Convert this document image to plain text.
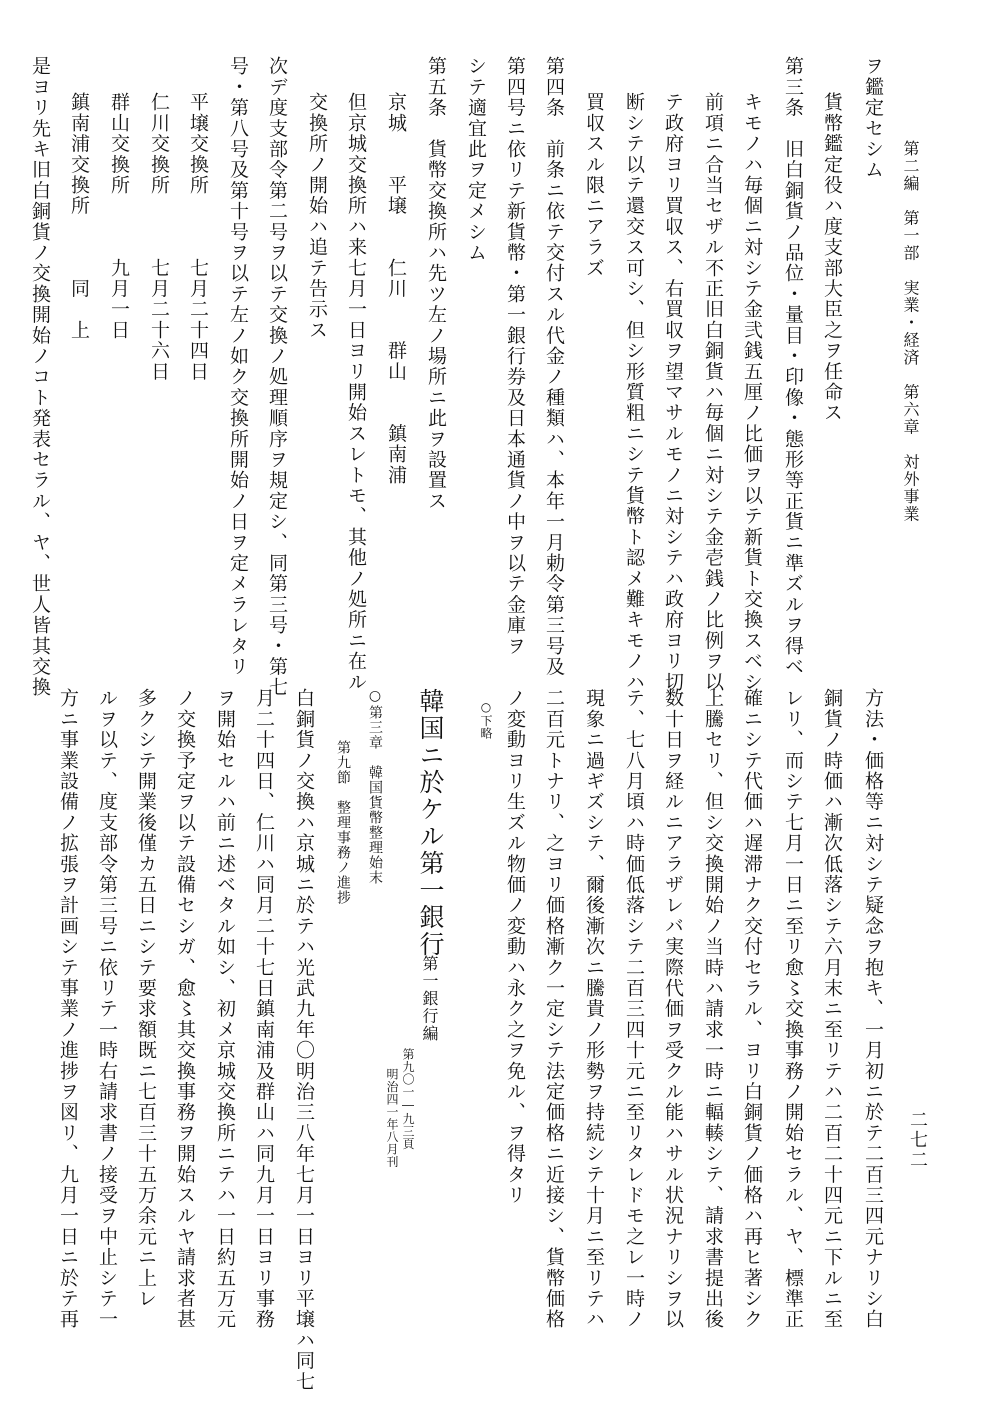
第二編　第一部　実業・経済　第六章　対外事業
二七二
ヲ鑑定セシム
貨幣鑑定役ハ度支部大臣之ヲ任命ス
第三条　旧白銅貨ノ品位・量目・印像・態形等正貨ニ準ズルヲ得ベ
キモノハ毎個ニ対シテ金弐銭五厘ノ比価ヲ以テ新貨ト交換スベシ
前項ニ合当セザル不正旧白銅貨ハ毎個ニ対シテ金壱銭ノ比例ヲ以
テ政府ヨリ買収ス、右買収ヲ望マサルモノニ対シテハ政府ヨリ切
断シテ以テ還交ス可シ、但シ形質粗ニシテ貨幣ト認メ難キモノハ
買収スル限ニアラズ
第四条　前条ニ依テ交付スル代金ノ種類ハ、本年一月勅令第三号及
第四号ニ依リテ新貨幣・第一銀行券及日本通貨ノ中ヲ以テ金庫ヲ
シテ適宜此ヲ定メシム
第五条　貨幣交換所ハ先ツ左ノ場所ニ此ヲ設置ス
京城　　平壌　　仁川　　群山　　鎮南浦
但京城交換所ハ来七月一日ヨリ開始スレトモ、其他ノ処所ニ在ル
交換所ノ開始ハ追テ告示ス
次デ度支部令第二号ヲ以テ交換ノ処理順序ヲ規定シ、同第三号・第七
号・第八号及第十号ヲ以テ左ノ如ク交換所開始ノ日ヲ定メラレタリ
平壌交換所　　　七月二十四日
仁川交換所　　　七月二十六日
群山交換所　　　九月一日
鎮南浦交換所　　　同　上
是ヨリ先キ旧白銅貨ノ交換開始ノコト発表セラル、ヤ、世人皆其交換
方法・価格等ニ対シテ疑念ヲ抱キ、一月初ニ於テ二百三四元ナリシ白
銅貨ノ時価ハ漸次低落シテ六月末ニ至リテハ二百二十四元ニ下ルニ至
レリ、而シテ七月一日ニ至リ愈〻交換事務ノ開始セラル、ヤ、標準正
確ニシテ代価ハ遅滞ナク交付セラル、ヨリ白銅貨ノ価格ハ再ヒ著シク
上騰セリ、但シ交換開始ノ当時ハ請求一時ニ輻輳シテ、請求書提出後
数十日ヲ経ルニアラザレバ実際代価ヲ受クル能ハサル状況ナリシヲ以
テ、七八月頃ハ時価低落シテ二百三四十元ニ至リタレドモ之レ一時ノ
現象ニ過ギズシテ、爾後漸次ニ騰貴ノ形勢ヲ持続シテ十月ニ至リテハ
二百元トナリ、之ヨリ価格漸ク一定シテ法定価格ニ近接シ、貨幣価格
ノ変動ヨリ生ズル物価ノ変動ハ永ク之ヲ免ル、ヲ得タリ
○下略
韓国ニ於ケル第一銀行
第一銀行編
第九〇一―九三頁
明治四一年八月刊
○第三章　韓国貨幣整理始末
第九節　整理事務ノ進捗
白銅貨ノ交換ハ京城ニ於テハ光武九年〇明治三八年七月一日ヨリ平壌ハ同七
月二十四日、仁川ハ同月二十七日鎮南浦及群山ハ同九月一日ヨリ事務
ヲ開始セルハ前ニ述ベタル如シ、初メ京城交換所ニテハ一日約五万元
ノ交換予定ヲ以テ設備セシガ、愈〻其交換事務ヲ開始スルヤ請求者甚
多クシテ開業後僅カ五日ニシテ要求額既ニ七百三十五万余元ニ上レ
ルヲ以テ、度支部令第三号ニ依リテ一時右請求書ノ接受ヲ中止シテ一
方ニ事業設備ノ拡張ヲ計画シテ事業ノ進捗ヲ図リ、九月一日ニ於テ再
